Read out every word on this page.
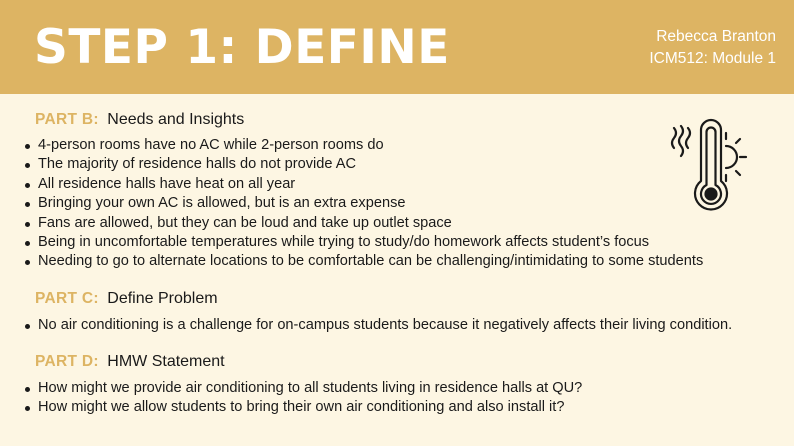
STEP 1: DEFINE	Rebecca Branton
ICM512: Module 1
PART B: Needs and Insights
4-person rooms have no AC while 2-person rooms do
The majority of residence halls do not provide AC
All residence halls have heat on all year
Bringing your own AC is allowed, but is an extra expense
Fans are allowed, but they can be loud and take up outlet space
Being in uncomfortable temperatures while trying to study/do homework affects student’s focus
Needing to go to alternate locations to be comfortable can be challenging/intimidating to some students
PART C: Define Problem
No air conditioning is a challenge for on-campus students because it negatively affects their living condition.
PART D: HMW Statement
How might we provide air conditioning to all students living in residence halls at QU?
How might we allow students to bring their own air conditioning and also install it?
